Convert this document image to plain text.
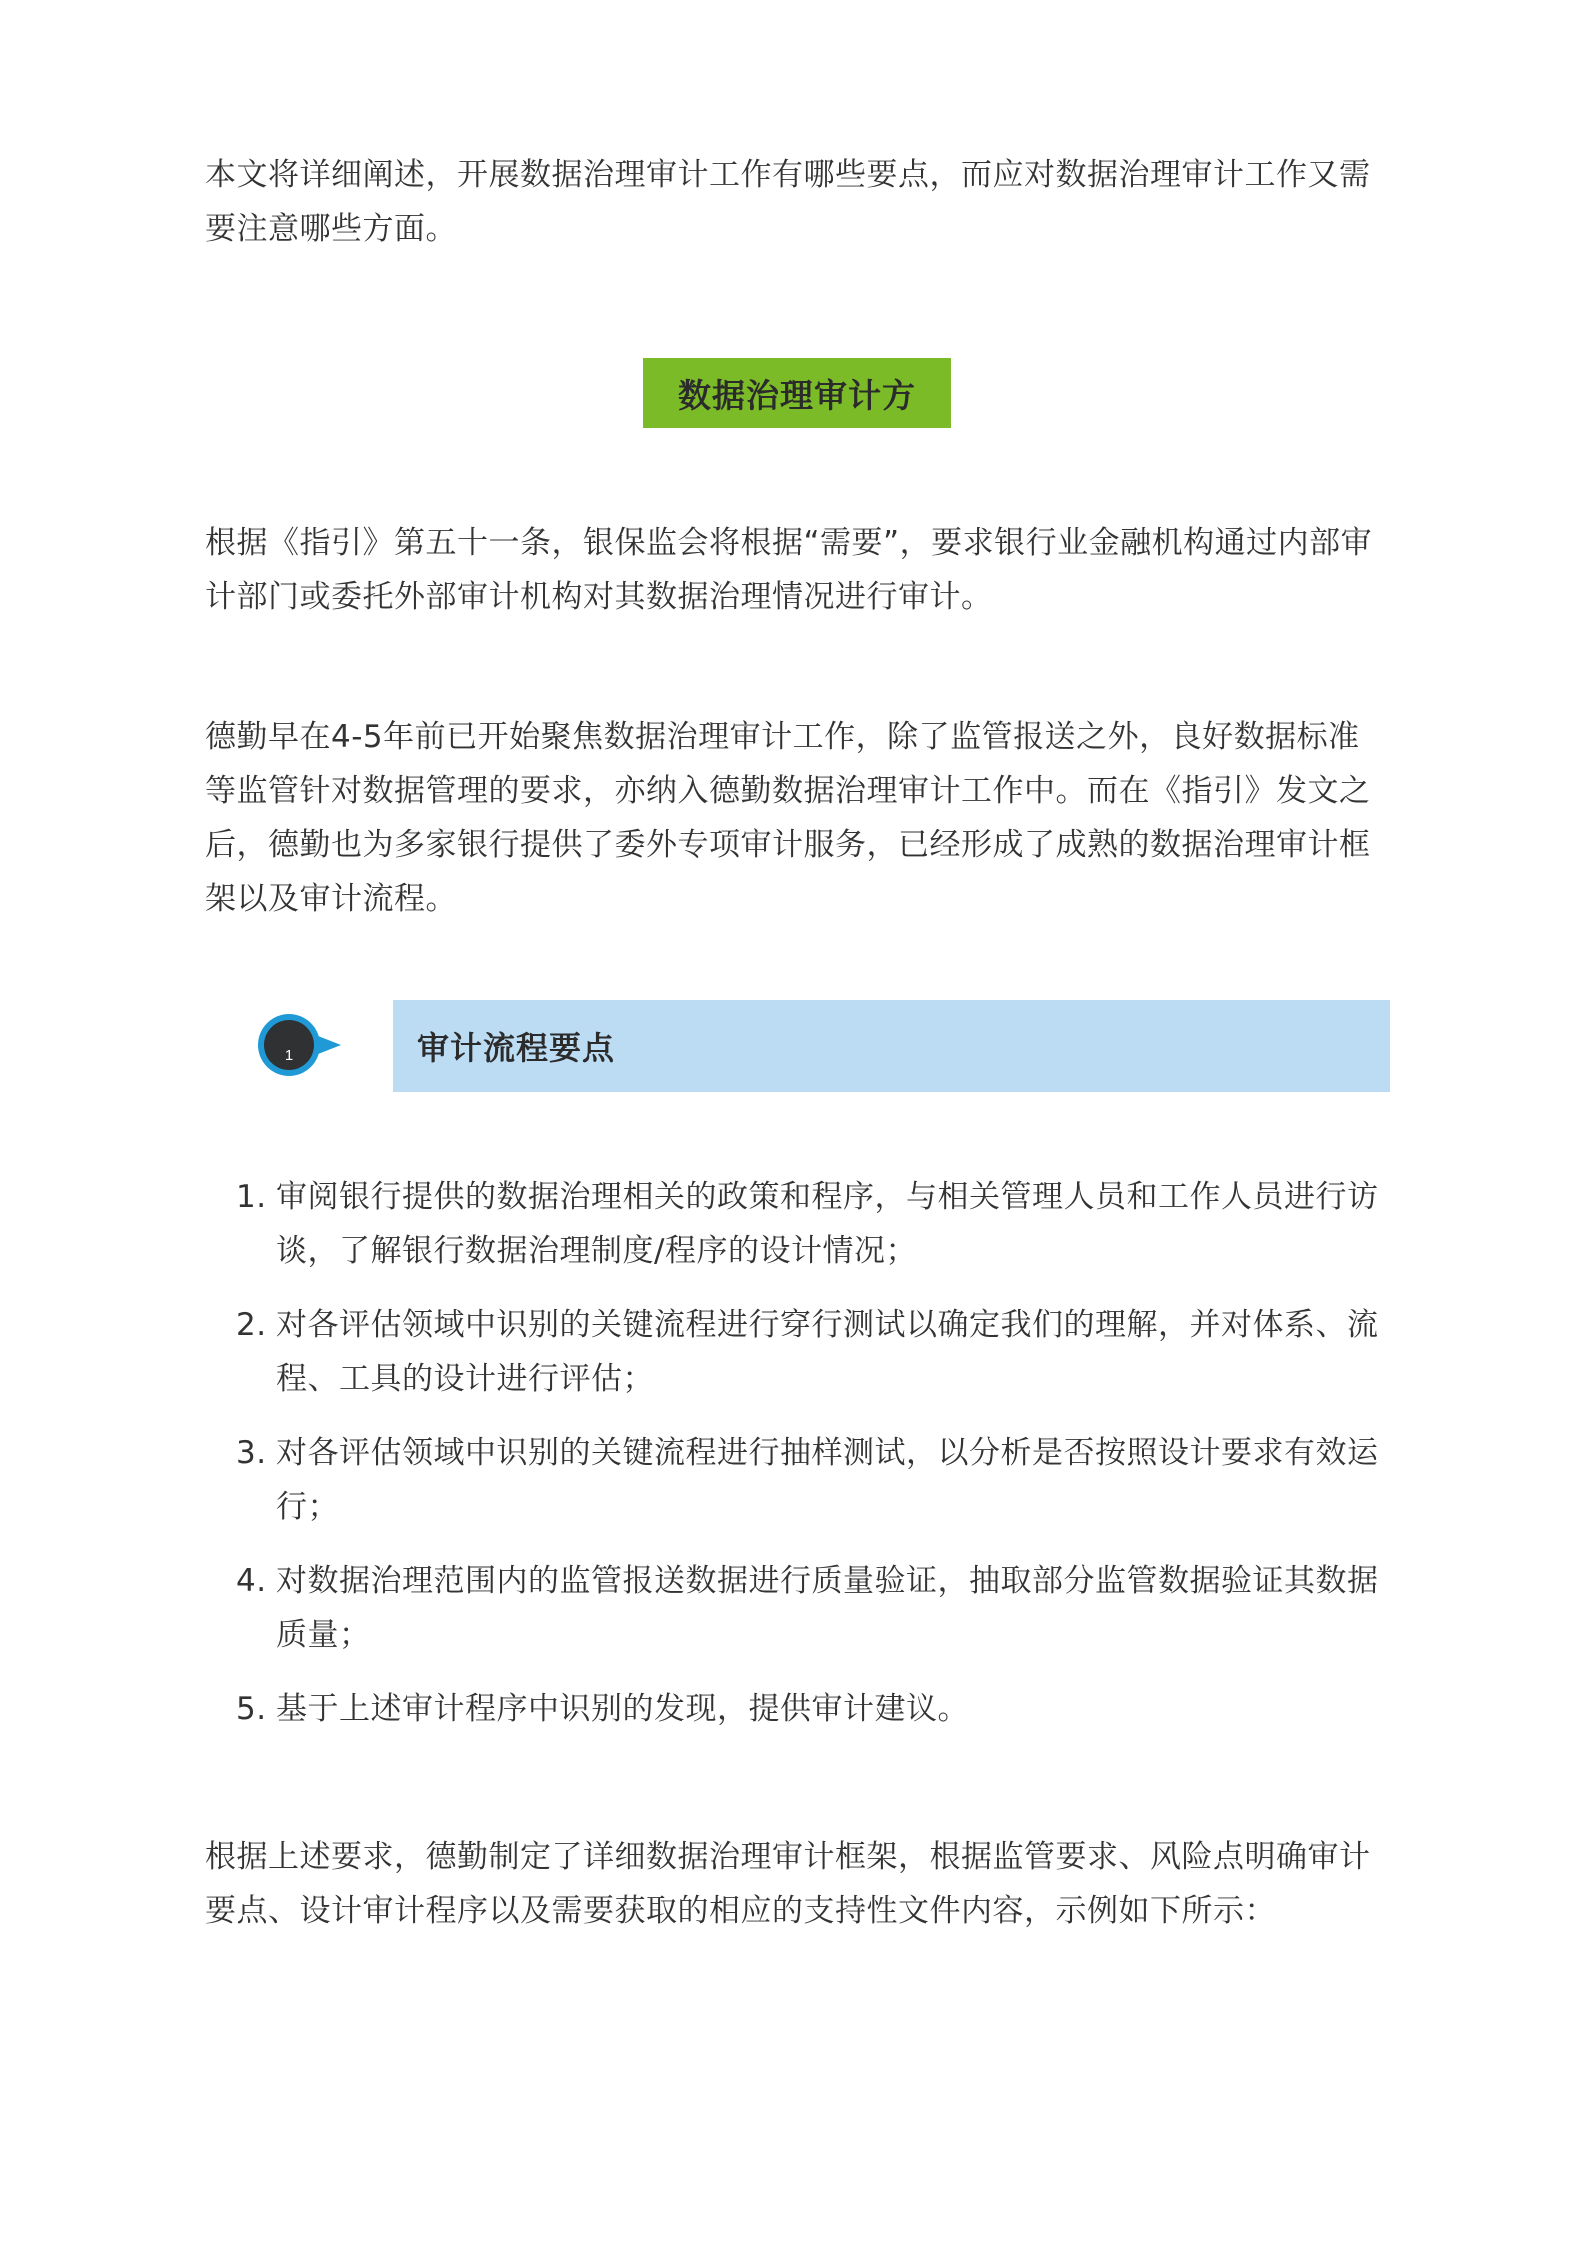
本文将详细阐述，开展数据治理审计工作有哪些要点，而应对数据治理审计工作又需要注意哪些方面。

数据治理审计方

根据《指引》第五十一条，银保监会将根据“需要”，要求银行业金融机构通过内部审计部门或委托外部审计机构对其数据治理情况进行审计。

德勤早在4-5年前已开始聚焦数据治理审计工作，除了监管报送之外，良好数据标准等监管针对数据管理的要求，亦纳入德勤数据治理审计工作中。而在《指引》发文之后，德勤也为多家银行提供了委外专项审计服务，已经形成了成熟的数据治理审计框架以及审计流程。

1	审计流程要点
1. 审阅银行提供的数据治理相关的政策和程序，与相关管理人员和工作人员进行访谈，了解银行数据治理制度/程序的设计情况；
2. 对各评估领域中识别的关键流程进行穿行测试以确定我们的理解，并对体系、流程、工具的设计进行评估；
3. 对各评估领域中识别的关键流程进行抽样测试，以分析是否按照设计要求有效运行；
4. 对数据治理范围内的监管报送数据进行质量验证，抽取部分监管数据验证其数据质量；
5. 基于上述审计程序中识别的发现，提供审计建议。

根据上述要求，德勤制定了详细数据治理审计框架，根据监管要求、风险点明确审计要点、设计审计程序以及需要获取的相应的支持性文件内容，示例如下所示：
